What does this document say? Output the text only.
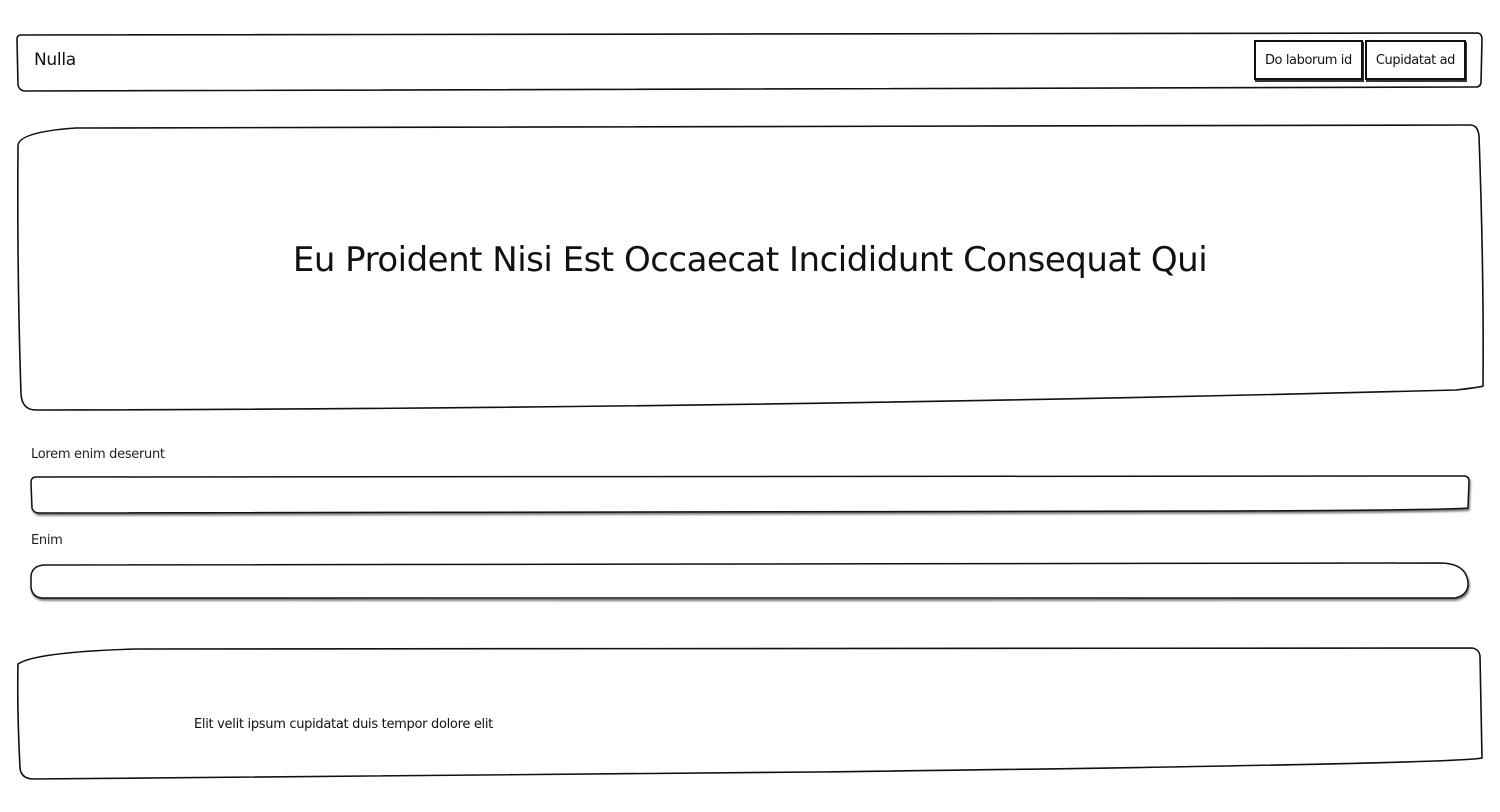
Nulla	Do laborum id	Cupidatat ad
Eu Proident Nisi Est Occaecat Incididunt Consequat Qui
Lorem enim deserunt
Enim
Elit velit ipsum cupidatat duis tempor dolore elit
